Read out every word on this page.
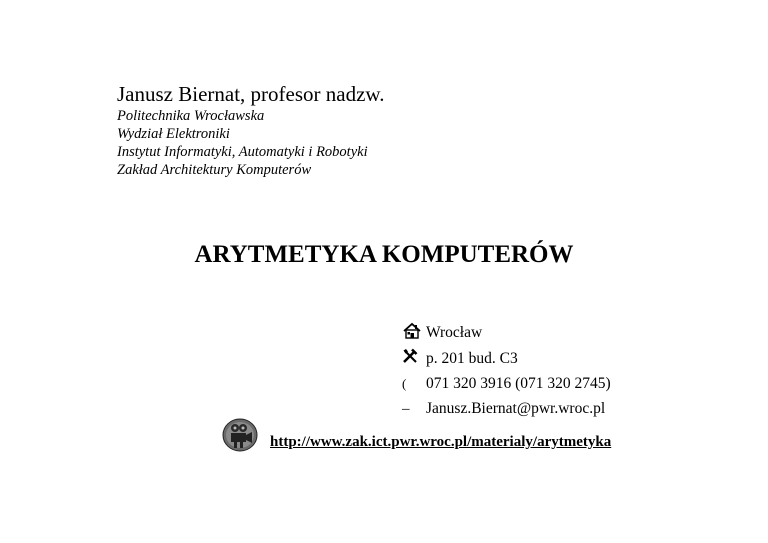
Janusz Biernat, profesor nadzw.
Politechnika Wrocławska
Wydział Elektroniki
Instytut Informatyki, Automatyki i Robotyki
Zakład Architektury Komputerów
ARYTMETYKA KOMPUTERÓW
Wrocław
p. 201 bud. C3
(	071 320 3916 (071 320 2745)
–	Janusz.Biernat@pwr.wroc.pl
http://www.zak.ict.pwr.wroc.pl/materialy/arytmetyka
